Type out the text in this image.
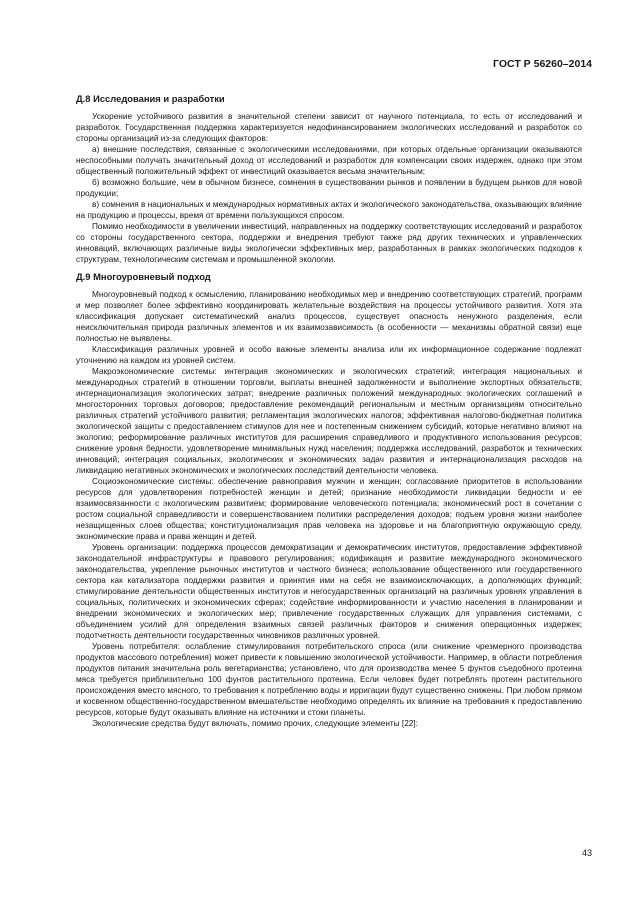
ГОСТ Р 56260–2014
Д.8 Исследования и разработки

Ускорение устойчивого развития в значительной степени зависит от научного потенциала, то есть от исследований и разработок. Государственная поддержка характеризуется недофинансированием экологических исследований и разработок со стороны организаций из-за следующих факторов:

а) внешние последствия, связанные с экологическими исследованиями, при которых отдельные организации оказываются неспособными получать значительный доход от исследований и разработок для компенсации своих издержек, однако при этом общественный положительный эффект от инвестиций оказывается весьма значительным;

б) возможно большие, чем в обычном бизнесе, сомнения в существовании рынков и появлении в будущем рынков для новой продукции;

в) сомнения в национальных и международных нормативных актах и экологического законодательства, оказывающих влияние на продукцию и процессы, время от времени пользующихся спросом.

Помимо необходимости в увеличении инвестиций, направленных на поддержку соответствующих исследований и разработок со стороны государственного сектора, поддержки и внедрения требуют также ряд других технических и управленческих инноваций, включающих различные виды экологически эффективных мер, разработанных в рамках экологических подходов к структурам, технологическим системам и промышленной экологии.

Д.9 Многоуровневый подход

Многоуровневый подход к осмыслению, планированию необходимых мер и внедрению соответствующих стратегий, программ и мер позволяет более эффективно координировать желательные воздействия на процессы устойчивого развития. Хотя эта классификация допускает систематический анализ процессов, существует опасность ненужного разделения, если неисключительная природа различных элементов и их взаимозависимость (в особенности — механизмы обратной связи) еще полностью не выявлены.

Классификация различных уровней и особо важные элементы анализа или их информационное содержание подлежат уточнению на каждом из уровней систем.

Макроэкономические системы: интеграция экономических и экологических стратегий; интеграция национальных и международных стратегий в отношении торговли, выплаты внешней задолженности и выполнение экспортных обязательств; интернационализация экологических затрат; внедрение различных положений международных экологических соглашений и многосторонних торговых договоров; предоставление рекомендаций региональным и местным организациям относительно различных стратегий устойчивого развития; регламентация экологических налогов; эффективная налогово-бюджетная политика экологической защиты с предоставлением стимулов для нее и постепенным снижением субсидий, которые негативно влияют на экологию; реформирование различных институтов для расширения справедливого и продуктивного использования ресурсов; снижение уровня бедности, удовлетворение минимальных нужд населения; поддержка исследований, разработок и технических инноваций; интеграция социальных, экологических и экономических задач развития и интернационализация расходов на ликвидацию негативных экономических и экологических последствий деятельности человека.

Социоэкономические системы: обеспечение равноправия мужчин и женщин; согласование приоритетов в использовании ресурсов для удовлетворения потребностей женщин и детей; признание необходимости ликвидации бедности и ее взаимосвязанности с экологическим развитием; формирование человеческого потенциала; экономический рост в сочетании с ростом социальной справедливости и совершенствованием политики распределения доходов; подъем уровня жизни наиболее незащищенных слоев общества; конституционализация прав человека на здоровье и на благоприятную окружающую среду, экономические права и права женщин и детей.

Уровень организации: поддержка процессов демократизации и демократических институтов, предоставление эффективной законодательной инфраструктуры и правового регулирования; кодификация и развитие международного экономического законодательства, укрепление рыночных институтов и частного бизнеса; использование общественного или государственного сектора как катализатора поддержки развития и принятия ими на себя не взаимоисключающих, а дополняющих функций; стимулирование деятельности общественных институтов и негосударственных организаций на различных уровнях управления в социальных, политических и экономических сферах; содействие информированности и участию населения в планировании и внедрении экономических и экологических мер; привлечение государственных служащих для управления системами, с объединением усилий для определения взаимных связей различных факторов и снижения операционных издержек; подотчетность деятельности государственных чиновников различных уровней.

Уровень потребителя: ослабление стимулирования потребительского спроса (или снижение чрезмерного производства продуктов массового потребления) может привести к повышению экологической устойчивости. Например, в области потребления продуктов питания значительна роль вегетарианства; установлено, что для производства менее 5 фунтов съедобного протеина мяса требуется приблизительно 100 фунтов растительного протеина. Если человек будет потреблять протеин растительного происхождения вместо мясного, то требования к потреблению воды и ирригации будут существенно снижены. При любом прямом и косвенном общественно-государственном вмешательстве необходимо определять их влияние на требования к предоставлению ресурсов, которые будут оказывать влияние на источники и стоки планеты.

Экологические средства будут включать, помимо прочих, следующие элементы [22]:

43
